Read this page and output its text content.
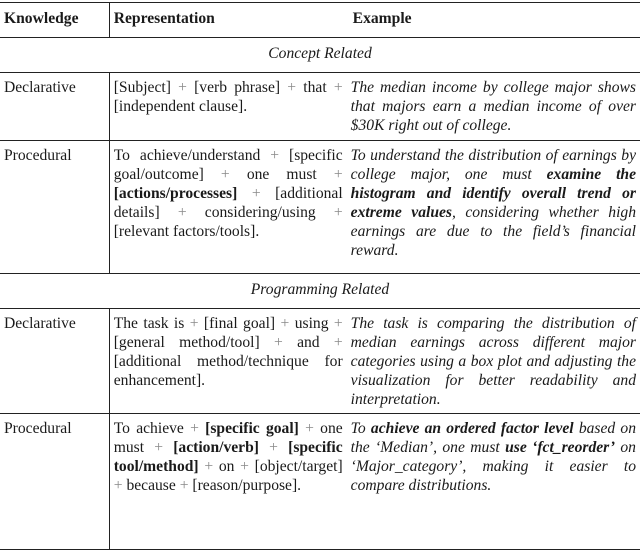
Knowledge	Representation	Example
Concept Related		
Declarative	[Subject] + [verb phrase] + that + [independent clause].	The median income by college major shows that majors earn a median income of over $30K right out of college.
Procedural	To achieve/understand + [specific goal/outcome] + one must + [actions/processes] + [additional details] + considering/using + [relevant factors/tools].	To understand the distribution of earnings by college major, one must examine the histogram and identify overall trend or extreme values, considering whether high earnings are due to the field’s financial reward.
Programming Related		
Declarative	The task is + [final goal] + using + [general method/tool] + and + [additional method/technique for enhancement].	The task is comparing the distribution of median earnings across different major categories using a box plot and adjusting the visualization for better readability and interpretation.
Procedural	To achieve + [specific goal] + one must + [action/verb] + [specific tool/method] + on + [object/target] + because + [reason/purpose].	To achieve an ordered factor level based on the ‘Median’, one must use ‘fct_reorder’ on ‘Major_category’, making it easier to compare distributions.
